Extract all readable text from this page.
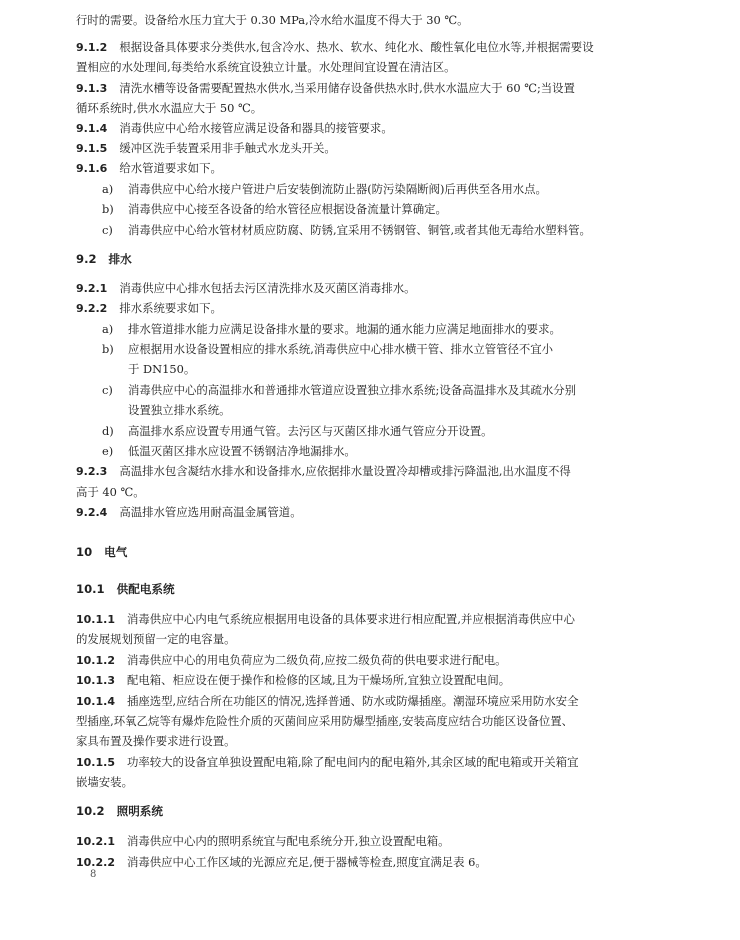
行时的需要。设备给水压力宜大于 0.30 MPa,冷水给水温度不得大于 30 ℃。
9.1.2 根据设备具体要求分类供水,包含冷水、热水、软水、纯化水、酸性氧化电位水等,并根据需要设
置相应的水处理间,每类给水系统宜设独立计量。水处理间宜设置在清洁区。
9.1.3 清洗水槽等设备需要配置热水供水,当采用储存设备供热水时,供水水温应大于 60 ℃;当设置
循环系统时,供水水温应大于 50 ℃。
9.1.4 消毒供应中心给水接管应满足设备和器具的接管要求。
9.1.5 缓冲区洗手装置采用非手触式水龙头开关。
9.1.6 给水管道要求如下。
a) 消毒供应中心给水接户管进户后安装倒流防止器(防污染隔断阀)后再供至各用水点。
b) 消毒供应中心接至各设备的给水管径应根据设备流量计算确定。
c) 消毒供应中心给水管材材质应防腐、防锈,宜采用不锈钢管、铜管,或者其他无毒给水塑料管。
9.2 排水
9.2.1 消毒供应中心排水包括去污区清洗排水及灭菌区消毒排水。
9.2.2 排水系统要求如下。
a) 排水管道排水能力应满足设备排水量的要求。地漏的通水能力应满足地面排水的要求。
b) 应根据用水设备设置相应的排水系统,消毒供应中心排水横干管、排水立管管径不宜小
于 DN150。
c) 消毒供应中心的高温排水和普通排水管道应设置独立排水系统;设备高温排水及其疏水分别
设置独立排水系统。
d) 高温排水系应设置专用通气管。去污区与灭菌区排水通气管应分开设置。
e) 低温灭菌区排水应设置不锈钢洁净地漏排水。
9.2.3 高温排水包含凝结水排水和设备排水,应依据排水量设置冷却槽或排污降温池,出水温度不得
高于 40 ℃。
9.2.4 高温排水管应选用耐高温金属管道。
10 电气
10.1 供配电系统
10.1.1 消毒供应中心内电气系统应根据用电设备的具体要求进行相应配置,并应根据消毒供应中心
的发展规划预留一定的电容量。
10.1.2 消毒供应中心的用电负荷应为二级负荷,应按二级负荷的供电要求进行配电。
10.1.3 配电箱、柜应设在便于操作和检修的区域,且为干燥场所,宜独立设置配电间。
10.1.4 插座选型,应结合所在功能区的情况,选择普通、防水或防爆插座。潮湿环境应采用防水安全
型插座,环氧乙烷等有爆炸危险性介质的灭菌间应采用防爆型插座,安装高度应结合功能区设备位置、
家具布置及操作要求进行设置。
10.1.5 功率较大的设备宜单独设置配电箱,除了配电间内的配电箱外,其余区域的配电箱或开关箱宜
嵌墙安装。
10.2 照明系统
10.2.1 消毒供应中心内的照明系统宜与配电系统分开,独立设置配电箱。
10.2.2 消毒供应中心工作区域的光源应充足,便于器械等检查,照度宜满足表 6。
8
